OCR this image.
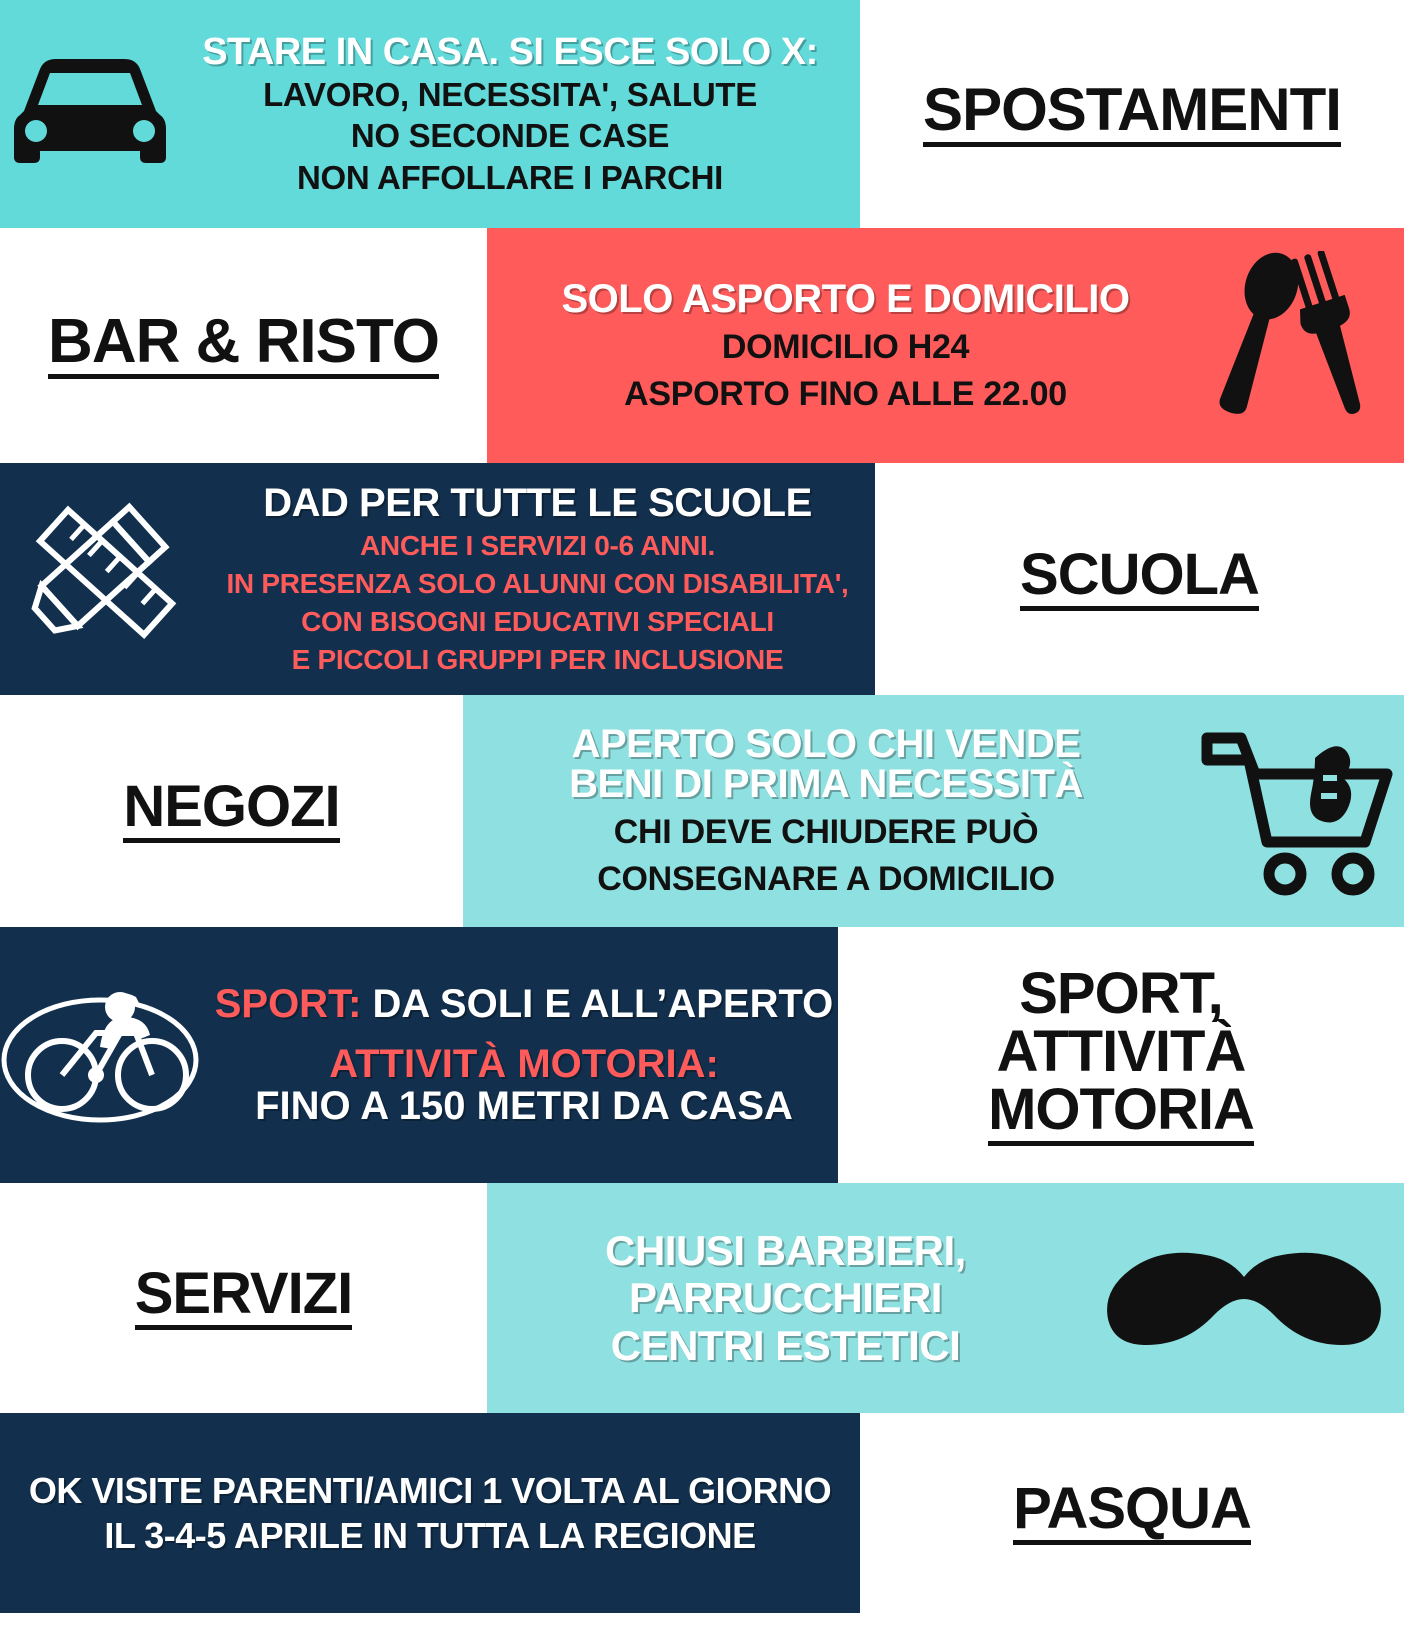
STARE IN CASA. SI ESCE SOLO X:
LAVORO, NECESSITA', SALUTE
NO SECONDE CASE
NON AFFOLLARE I PARCHI
SPOSTAMENTI
BAR & RISTO
SOLO ASPORTO E DOMICILIO
DOMICILIO H24
ASPORTO FINO ALLE 22.00
DAD PER TUTTE LE SCUOLE
ANCHE I SERVIZI 0-6 ANNI.
IN PRESENZA SOLO ALUNNI CON DISABILITA',
CON BISOGNI EDUCATIVI SPECIALI
E PICCOLI GRUPPI PER INCLUSIONE
SCUOLA
NEGOZI
APERTO SOLO CHI VENDE
BENI DI PRIMA NECESSITÀ
CHI DEVE CHIUDERE PUÒ
CONSEGNARE A DOMICILIO
SPORT: DA SOLI E ALL’APERTO
ATTIVITÀ MOTORIA:
FINO A 150 METRI DA CASA
SPORT,
ATTIVITÀ
MOTORIA
SERVIZI
CHIUSI BARBIERI,
PARRUCCHIERI
CENTRI ESTETICI
OK VISITE PARENTI/AMICI 1 VOLTA AL GIORNO
IL 3-4-5 APRILE IN TUTTA LA REGIONE	PASQUA
